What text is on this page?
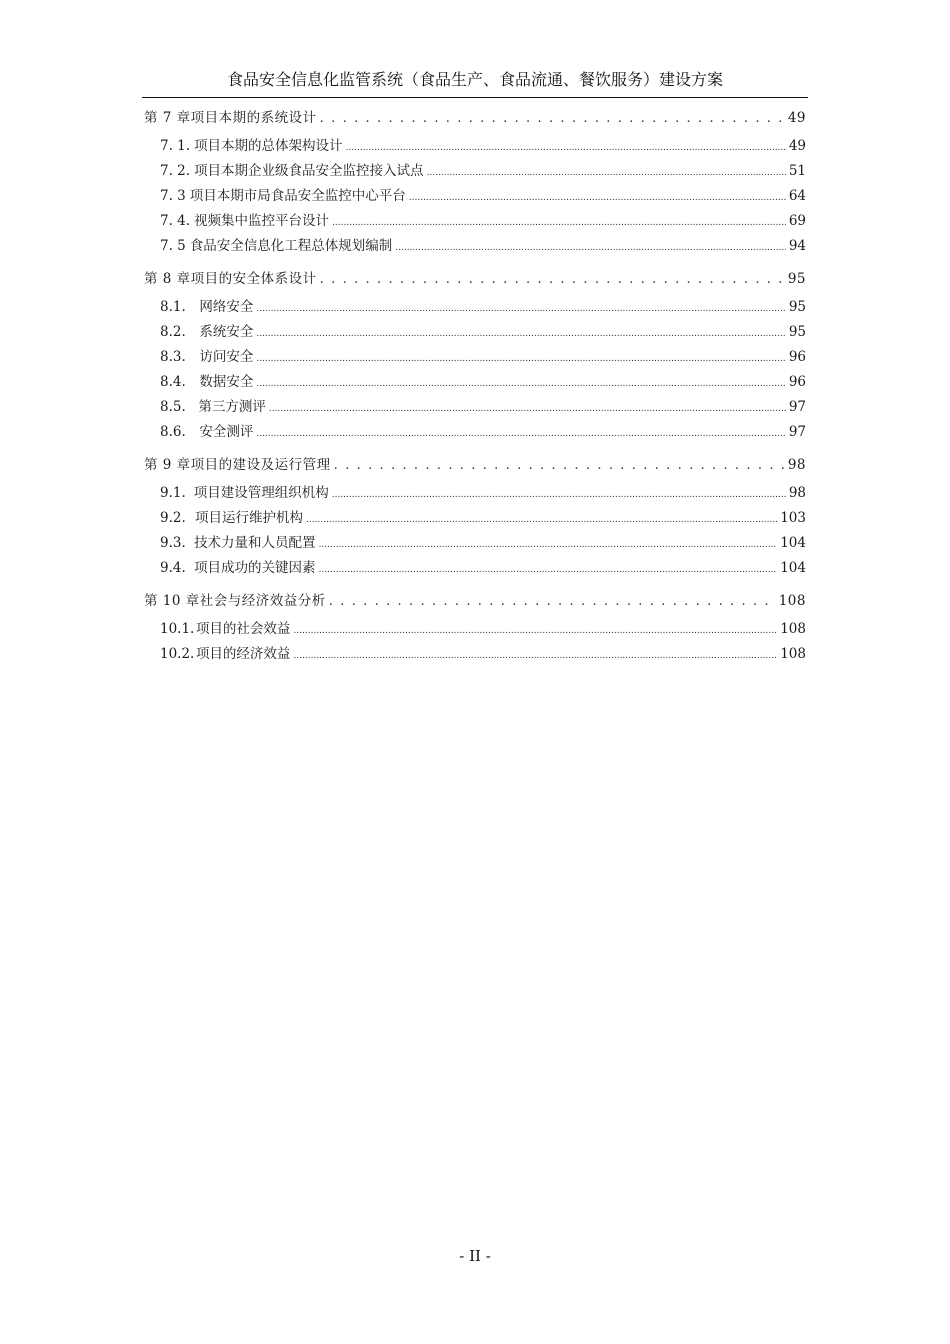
食品安全信息化监管系统（食品生产、食品流通、餐饮服务）建设方案
第 7 章 项目本期的系统设计 . . .	49
7. 1. 项目本期的总体架构设计 .....	49
7. 2. 项目本期企业级食品安全监控接入试点 .....	51
7. 3 项目本期市局食品安全监控中心平台 .....	64
7. 4. 视频集中监控平台设计 .....	69
7. 5 食品安全信息化工程总体规划编制 .....	94
第 8 章 项目的安全体系设计 . . .	95
8.1.	网络安全 .....	95
8.2.	系统安全 .....	95
8.3.	访问安全 .....	96
8.4.	数据安全 .....	96
8.5. 第三方测评 .....	97
8.6.	安全测评 .....	97
第 9 章 项目的建设及运行管理 . . .	98
9.1. 项目建设管理组织机构 .....	98
9.2. 项目运行维护机构 .....	103
9.3. 技术力量和人员配置 .....	104
9.4. 项目成功的关键因素 .....	104
第 10 章 社会与经济效益分析 . . .	108
10.1. 项目的社会效益 .....	108
10.2. 项目的经济效益 .....	108
- II -
